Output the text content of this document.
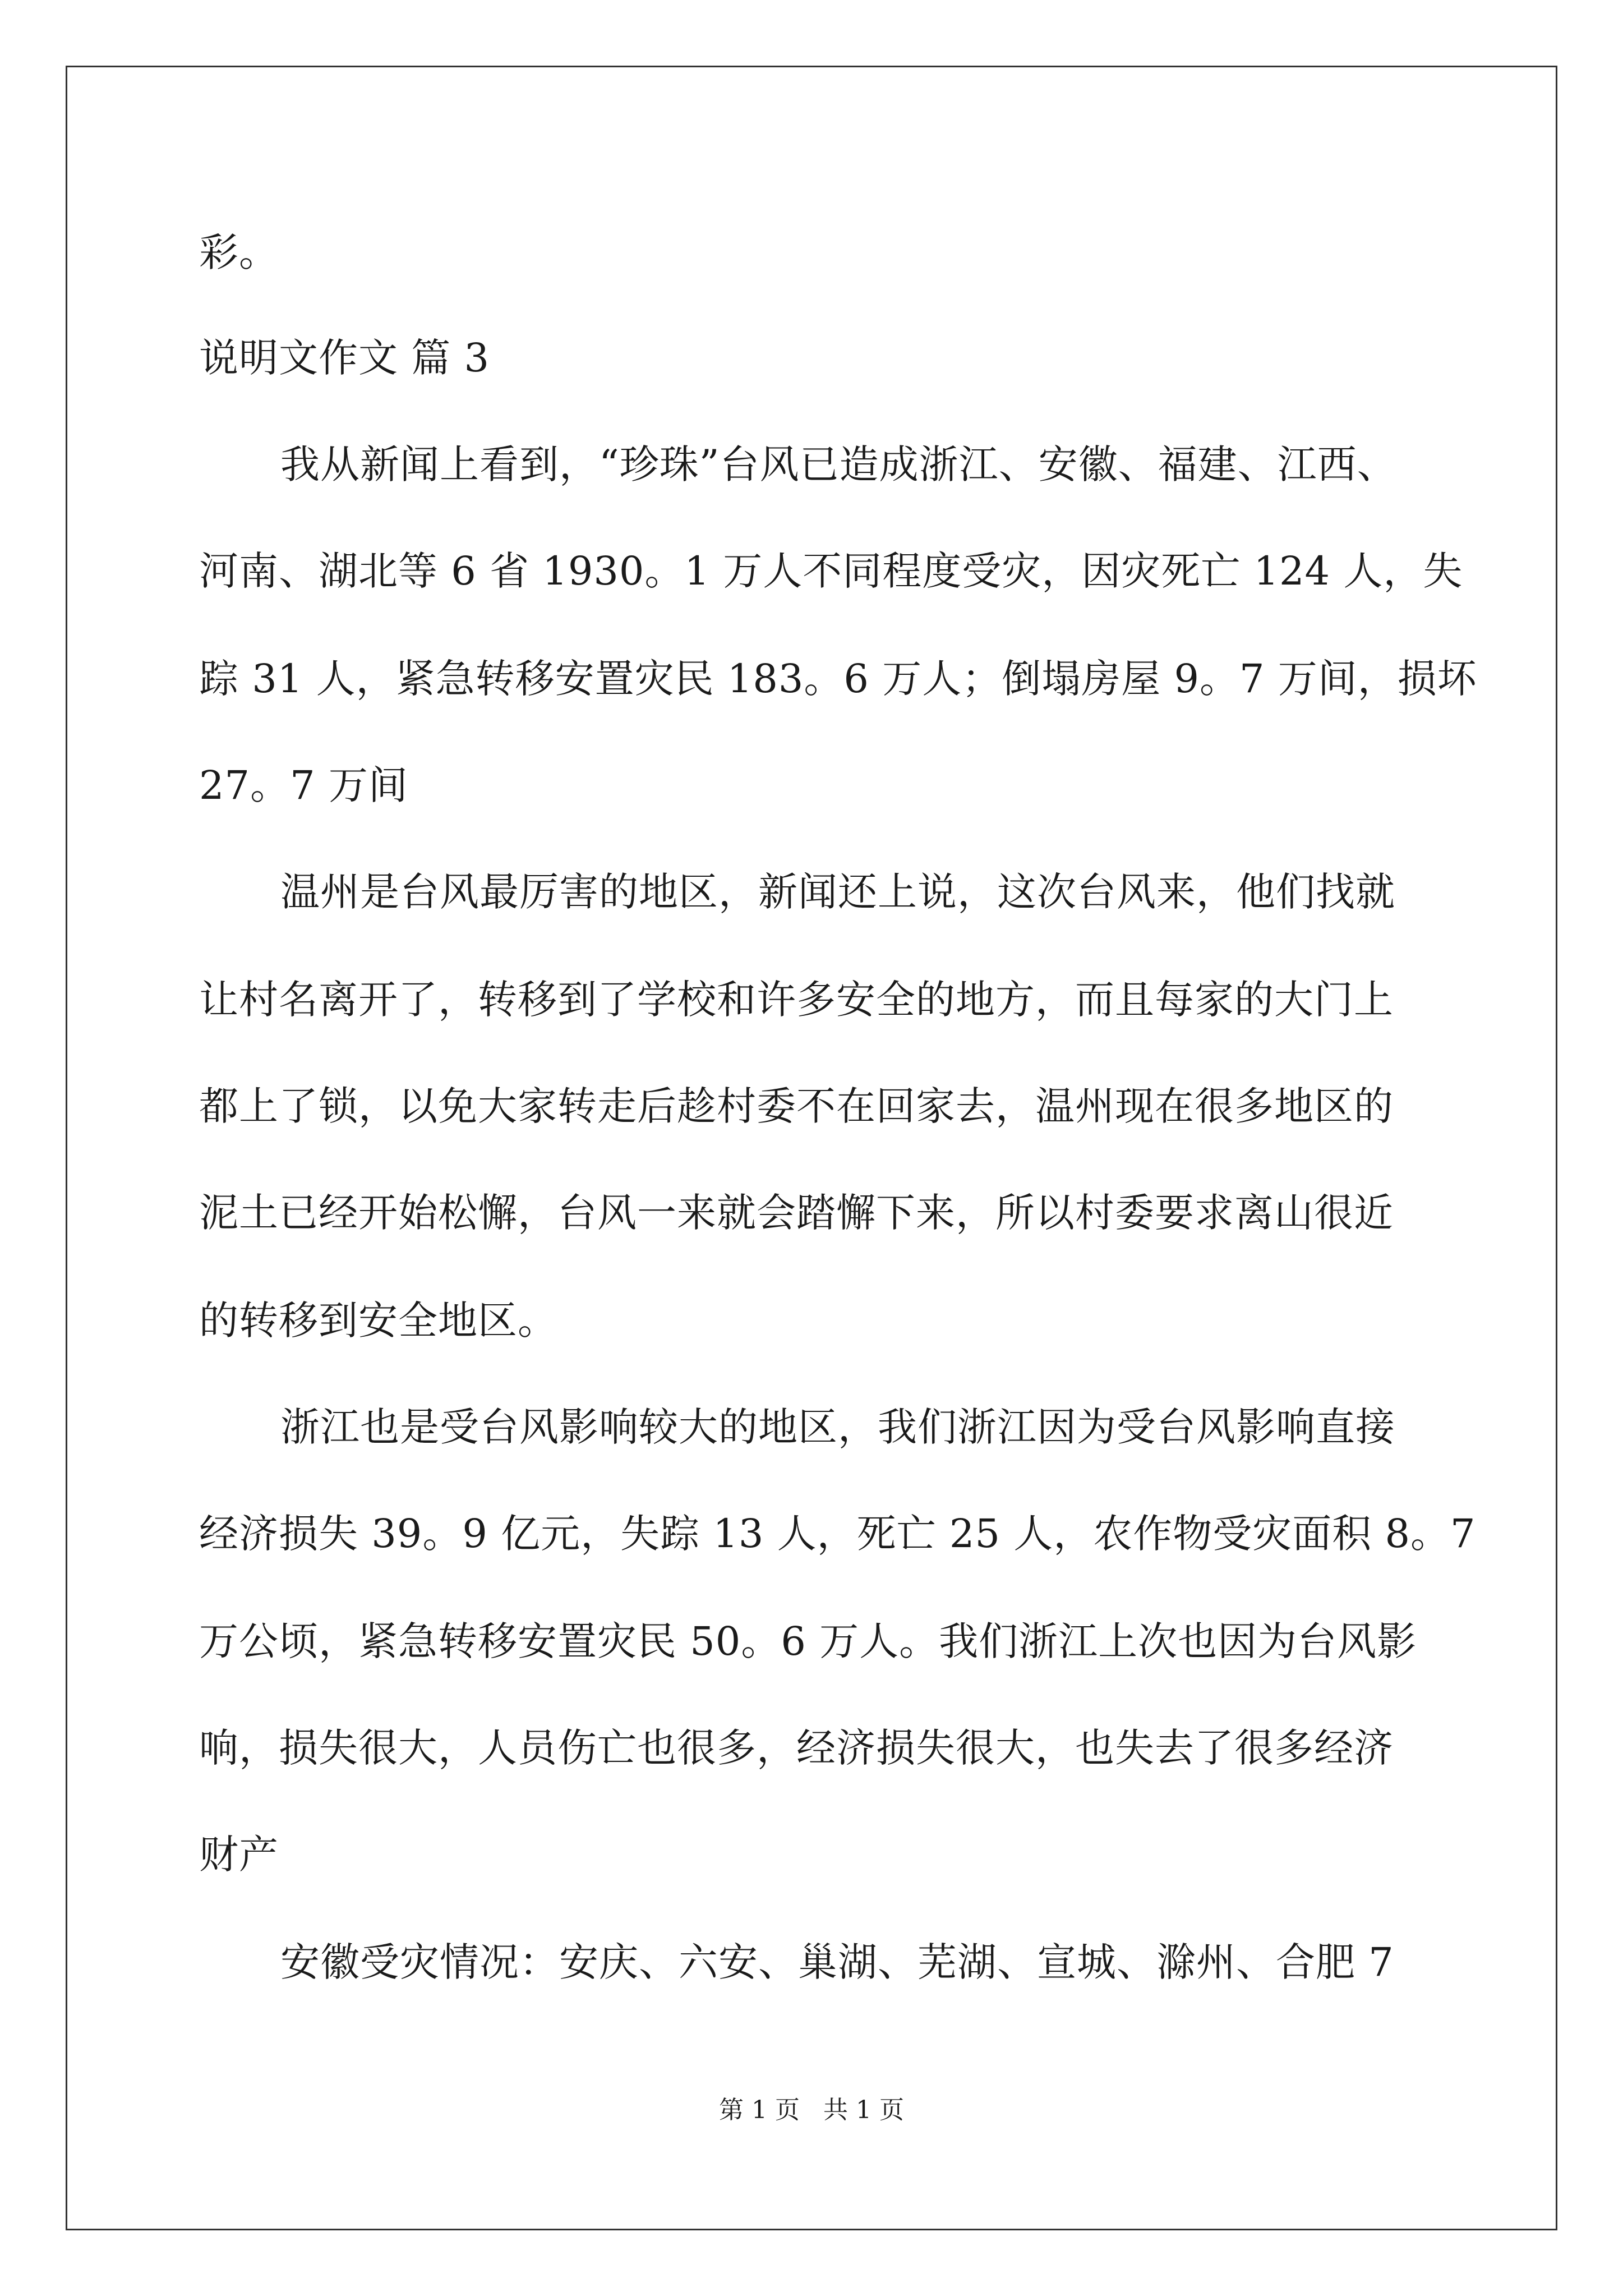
彩。
说明文作文 篇 3
我从新闻上看到，“珍珠”台风已造成浙江、安徽、福建、江西、
河南、湖北等 6 省 1930。1 万人不同程度受灾，因灾死亡 124 人，失
踪 31 人，紧急转移安置灾民 183。6 万人；倒塌房屋 9。7 万间，损坏
27。7 万间
温州是台风最厉害的地区，新闻还上说，这次台风来，他们找就
让村名离开了，转移到了学校和许多安全的地方，而且每家的大门上
都上了锁，以免大家转走后趁村委不在回家去，温州现在很多地区的
泥土已经开始松懈，台风一来就会踏懈下来，所以村委要求离山很近
的转移到安全地区。
浙江也是受台风影响较大的地区，我们浙江因为受台风影响直接
经济损失 39。9 亿元，失踪 13 人，死亡 25 人，农作物受灾面积 8。7
万公顷，紧急转移安置灾民 50。6 万人。我们浙江上次也因为台风影
响，损失很大，人员伤亡也很多，经济损失很大，也失去了很多经济
财产
安徽受灾情况：安庆、六安、巢湖、芜湖、宣城、滁州、合肥 7
第 1 页   共 1 页
